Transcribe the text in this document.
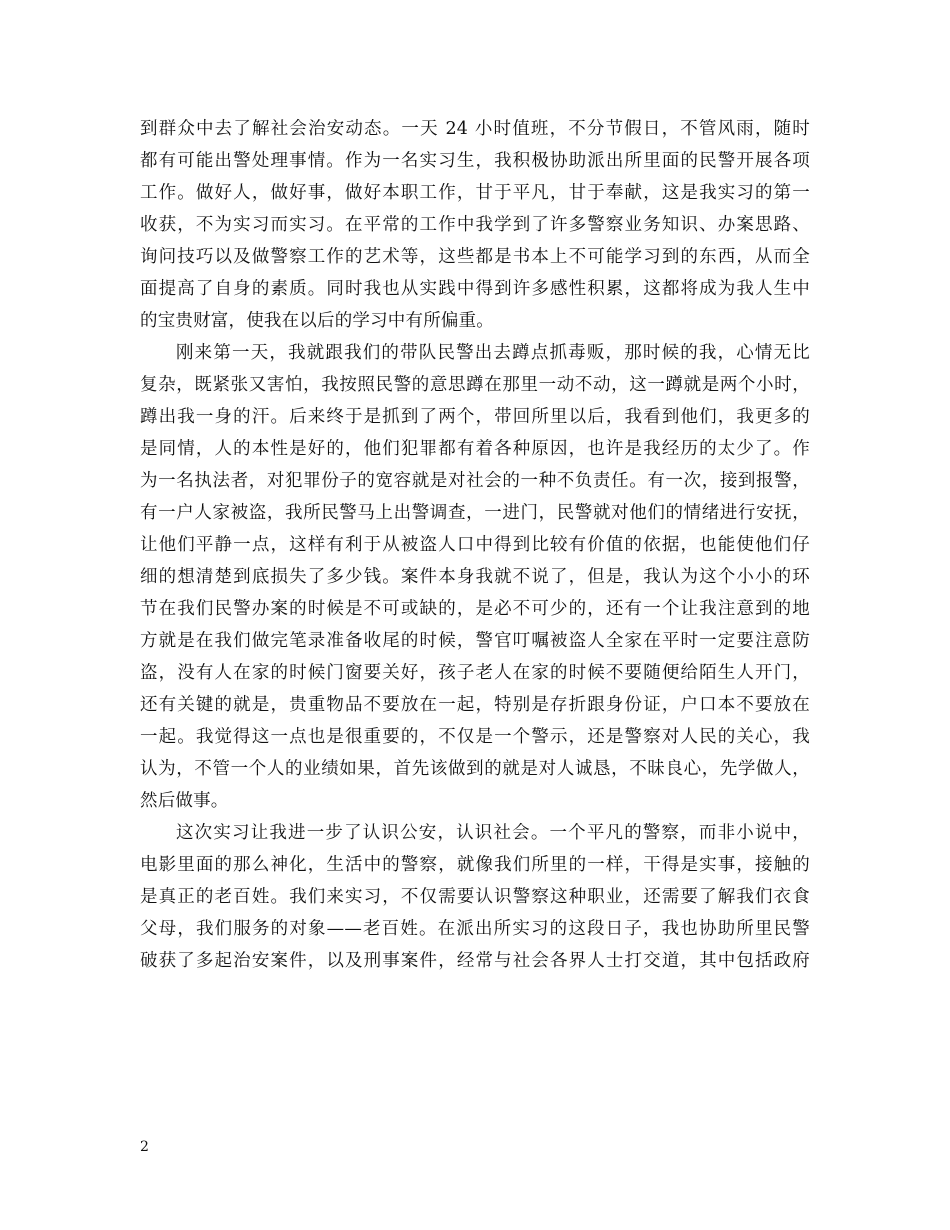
到群众中去了解社会治安动态。一天 24 小时值班，不分节假日，不管风雨，随时
都有可能出警处理事情。作为一名实习生，我积极协助派出所里面的民警开展各项
工作。做好人，做好事，做好本职工作，甘于平凡，甘于奉献，这是我实习的第一
收获，不为实习而实习。在平常的工作中我学到了许多警察业务知识、办案思路、
询问技巧以及做警察工作的艺术等，这些都是书本上不可能学习到的东西，从而全
面提高了自身的素质。同时我也从实践中得到许多感性积累，这都将成为我人生中
的宝贵财富，使我在以后的学习中有所偏重。
刚来第一天，我就跟我们的带队民警出去蹲点抓毒贩，那时候的我，心情无比
复杂，既紧张又害怕，我按照民警的意思蹲在那里一动不动，这一蹲就是两个小时，
蹲出我一身的汗。后来终于是抓到了两个，带回所里以后，我看到他们，我更多的
是同情，人的本性是好的，他们犯罪都有着各种原因，也许是我经历的太少了。作
为一名执法者，对犯罪份子的宽容就是对社会的一种不负责任。有一次，接到报警，
有一户人家被盗，我所民警马上出警调查，一进门，民警就对他们的情绪进行安抚，
让他们平静一点，这样有利于从被盗人口中得到比较有价值的依据，也能使他们仔
细的想清楚到底损失了多少钱。案件本身我就不说了，但是，我认为这个小小的环
节在我们民警办案的时候是不可或缺的，是必不可少的，还有一个让我注意到的地
方就是在我们做完笔录准备收尾的时候，警官叮嘱被盗人全家在平时一定要注意防
盗，没有人在家的时候门窗要关好，孩子老人在家的时候不要随便给陌生人开门，
还有关键的就是，贵重物品不要放在一起，特别是存折跟身份证，户口本不要放在
一起。我觉得这一点也是很重要的，不仅是一个警示，还是警察对人民的关心，我
认为，不管一个人的业绩如果，首先该做到的就是对人诚恳，不昧良心，先学做人，
然后做事。
这次实习让我进一步了认识公安，认识社会。一个平凡的警察，而非小说中，
电影里面的那么神化，生活中的警察，就像我们所里的一样，干得是实事，接触的
是真正的老百姓。我们来实习，不仅需要认识警察这种职业，还需要了解我们衣食
父母，我们服务的对象——老百姓。在派出所实习的这段日子，我也协助所里民警
破获了多起治安案件，以及刑事案件，经常与社会各界人士打交道，其中包括政府
2
